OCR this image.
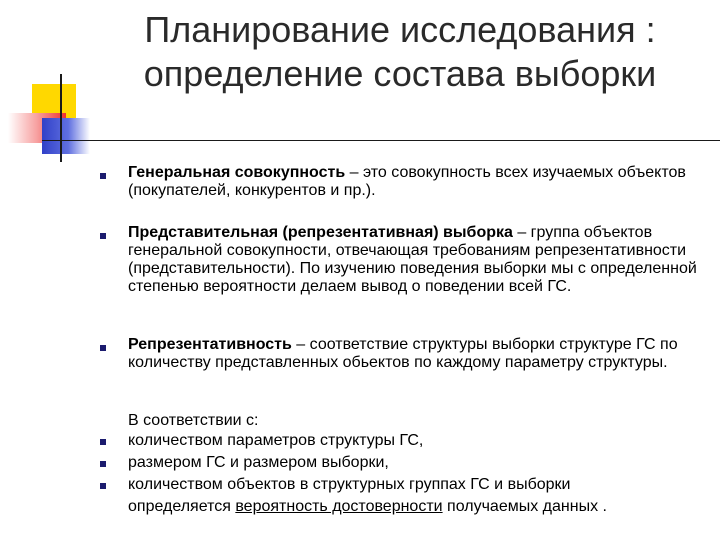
Планирование исследования :
определение состава выборки
Генеральная совокупность – это совокупность всех изучаемых объектов (покупателей, конкурентов и пр.).
Представительная (репрезентативная) выборка – группа объектов генеральной совокупности, отвечающая требованиям репрезентативности (представительности). По изучению поведения выборки мы с определенной степенью вероятности делаем вывод о поведении всей ГС.
Репрезентативность – соответствие структуры выборки структуре ГС по количеству представленных обьектов по каждому параметру структуры.
В соответствии с:
количеством параметров структуры ГС,
размером ГС и размером выборки,
количеством объектов в структурных группах ГС и выборки
определяется вероятность достоверности получаемых данных .
